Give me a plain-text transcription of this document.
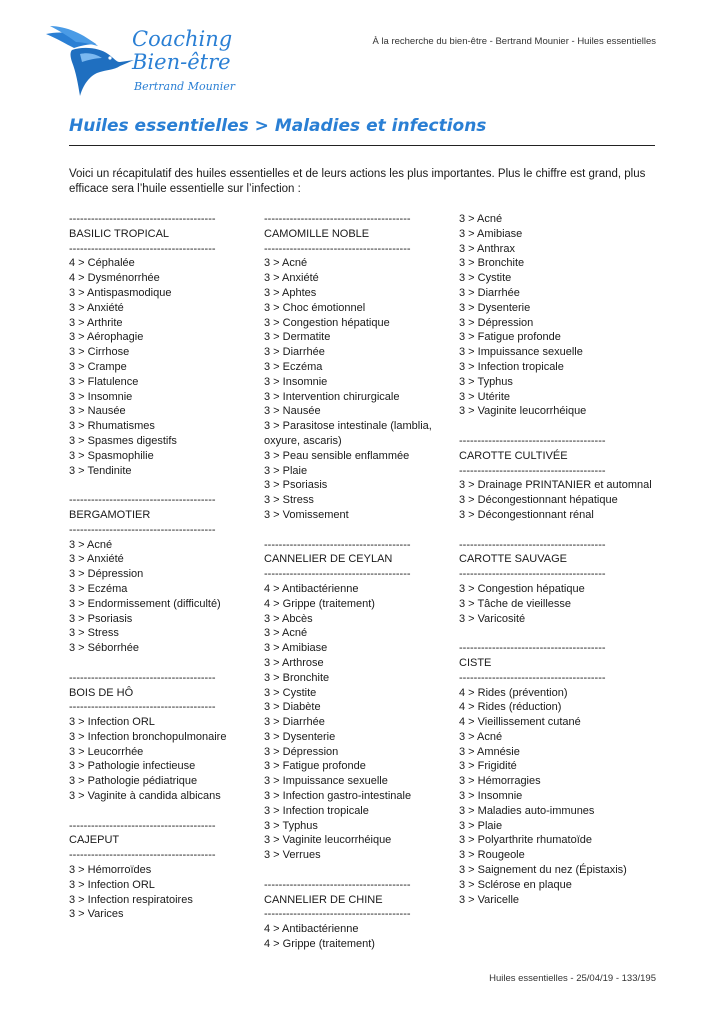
Coaching
Bien-être
Bertrand Mounier
À la recherche du bien-être - Bertrand Mounier - Huiles essentielles
Huiles essentielles > Maladies et infections
Voici un récapitulatif des huiles essentielles et de leurs actions les plus importantes. Plus le chiffre est grand, plus efficace sera l’huile essentielle sur l’infection :
----------------------------------------
BASILIC TROPICAL
----------------------------------------
4 > Céphalée
4 > Dysménorrhée
3 > Antispasmodique
3 > Anxiété
3 > Arthrite
3 > Aérophagie
3 > Cirrhose
3 > Crampe
3 > Flatulence
3 > Insomnie
3 > Nausée
3 > Rhumatismes
3 > Spasmes digestifs
3 > Spasmophilie
3 > Tendinite
----------------------------------------
BERGAMOTIER
----------------------------------------
3 > Acné
3 > Anxiété
3 > Dépression
3 > Eczéma
3 > Endormissement (difficulté)
3 > Psoriasis
3 > Stress
3 > Séborrhée
----------------------------------------
BOIS DE HÔ
----------------------------------------
3 > Infection ORL
3 > Infection bronchopulmonaire
3 > Leucorrhée
3 > Pathologie infectieuse
3 > Pathologie pédiatrique
3 > Vaginite à candida albicans
----------------------------------------
CAJEPUT
----------------------------------------
3 > Hémorroïdes
3 > Infection ORL
3 > Infection respiratoires
3 > Varices
----------------------------------------
CAMOMILLE NOBLE
----------------------------------------
3 > Acné
3 > Anxiété
3 > Aphtes
3 > Choc émotionnel
3 > Congestion hépatique
3 > Dermatite
3 > Diarrhée
3 > Eczéma
3 > Insomnie
3 > Intervention chirurgicale
3 > Nausée
3 > Parasitose intestinale (lamblia, oxyure, ascaris)
3 > Peau sensible enflammée
3 > Plaie
3 > Psoriasis
3 > Stress
3 > Vomissement
----------------------------------------
CANNELIER DE CEYLAN
----------------------------------------
4 > Antibactérienne
4 > Grippe (traitement)
3 > Abcès
3 > Acné
3 > Amibiase
3 > Arthrose
3 > Bronchite
3 > Cystite
3 > Diabète
3 > Diarrhée
3 > Dysenterie
3 > Dépression
3 > Fatigue profonde
3 > Impuissance sexuelle
3 > Infection gastro-intestinale
3 > Infection tropicale
3 > Typhus
3 > Vaginite leucorrhéique
3 > Verrues
----------------------------------------
CANNELIER DE CHINE
----------------------------------------
4 > Antibactérienne
4 > Grippe (traitement)
3 > Acné
3 > Amibiase
3 > Anthrax
3 > Bronchite
3 > Cystite
3 > Diarrhée
3 > Dysenterie
3 > Dépression
3 > Fatigue profonde
3 > Impuissance sexuelle
3 > Infection tropicale
3 > Typhus
3 > Utérite
3 > Vaginite leucorrhéique
----------------------------------------
CAROTTE CULTIVÉE
----------------------------------------
3 > Drainage PRINTANIER et automnal
3 > Décongestionnant hépatique
3 > Décongestionnant rénal
----------------------------------------
CAROTTE SAUVAGE
----------------------------------------
3 > Congestion hépatique
3 > Tâche de vieillesse
3 > Varicosité
----------------------------------------
CISTE
----------------------------------------
4 > Rides (prévention)
4 > Rides (réduction)
4 > Vieillissement cutané
3 > Acné
3 > Amnésie
3 > Frigidité
3 > Hémorragies
3 > Insomnie
3 > Maladies auto-immunes
3 > Plaie
3 > Polyarthrite rhumatoïde
3 > Rougeole
3 > Saignement du nez (Épistaxis)
3 > Sclérose en plaque
3 > Varicelle
Huiles essentielles - 25/04/19 - 133/195
